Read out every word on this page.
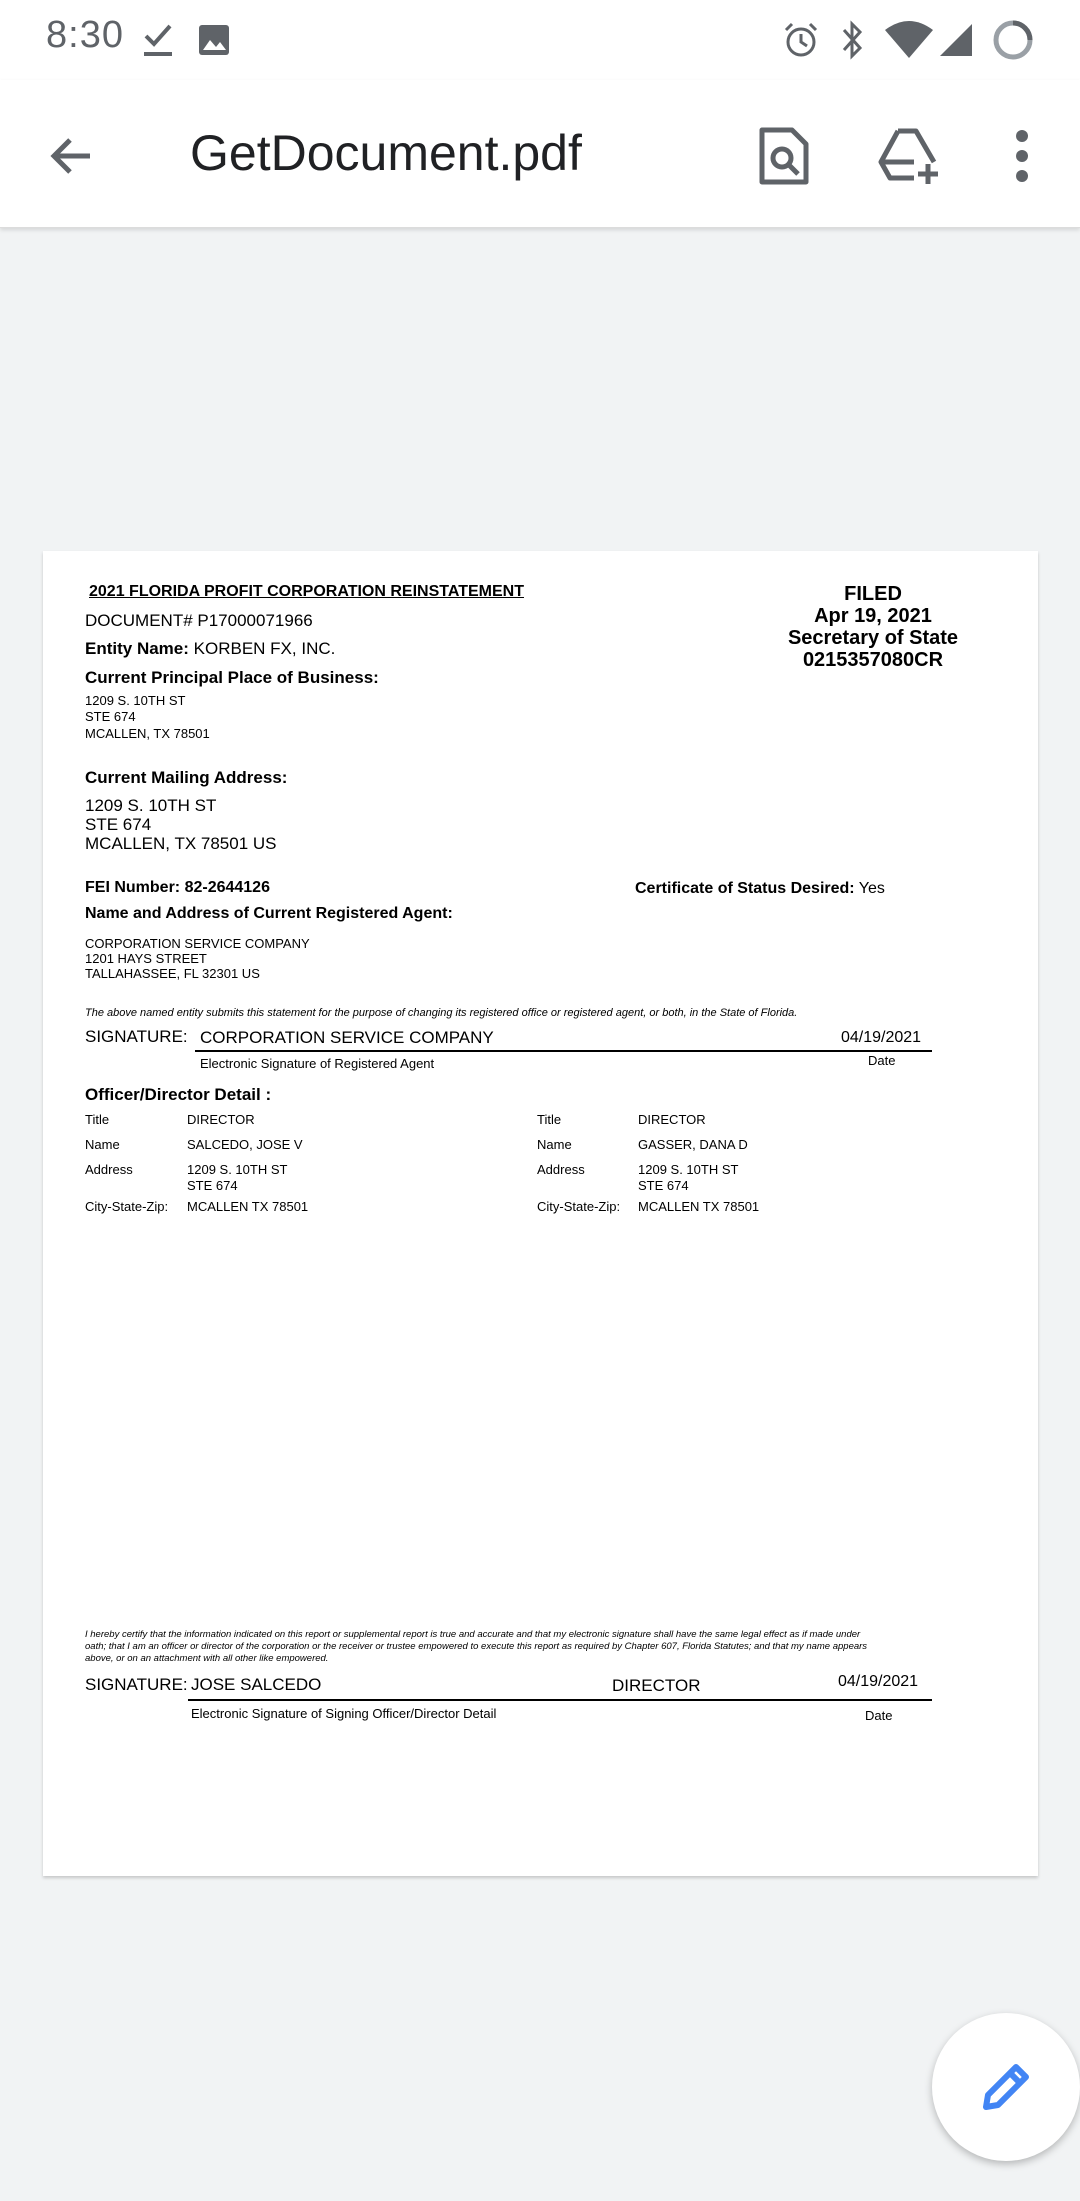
8:30
GetDocument.pdf
2021 FLORIDA PROFIT CORPORATION REINSTATEMENT
DOCUMENT# P17000071966
Entity Name: KORBEN FX, INC.
FILED
Apr 19, 2021
Secretary of State
0215357080CR
Current Principal Place of Business:
1209 S. 10TH ST
STE 674
MCALLEN, TX 78501
Current Mailing Address:
1209 S. 10TH ST
STE 674
MCALLEN, TX 78501 US
FEI Number: 82-2644126	Certificate of Status Desired: Yes
Name and Address of Current Registered Agent:
CORPORATION SERVICE COMPANY
1201 HAYS STREET
TALLAHASSEE, FL 32301 US
The above named entity submits this statement for the purpose of changing its registered office or registered agent, or both, in the State of Florida.
SIGNATURE: CORPORATION SERVICE COMPANY	04/19/2021
Electronic Signature of Registered Agent	Date
Officer/Director Detail :
Title	DIRECTOR
Name	SALCEDO, JOSE V
Address	1209 S. 10TH ST
STE 674
City-State-Zip: MCALLEN TX 78501
Title	DIRECTOR
Name	GASSER, DANA D
Address	1209 S. 10TH ST
STE 674
City-State-Zip: MCALLEN TX 78501
I hereby certify that the information indicated on this report or supplemental report is true and accurate and that my electronic signature shall have the same legal effect as if made under
oath; that I am an officer or director of the corporation or the receiver or trustee empowered to execute this report as required by Chapter 607, Florida Statutes; and that my name appears
above, or on an attachment with all other like empowered.
SIGNATURE: JOSE SALCEDO	DIRECTOR	04/19/2021
Electronic Signature of Signing Officer/Director Detail	Date
